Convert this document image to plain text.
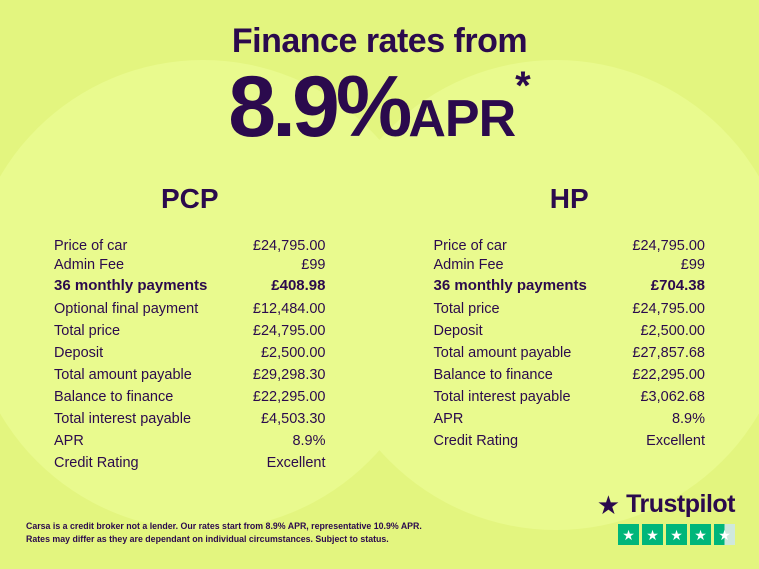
Finance rates from
8.9%APR*
PCP
Price of car	£24,795.00
Admin Fee	£99
36 monthly payments	£408.98
Optional final payment	£12,484.00
Total price	£24,795.00
Deposit	£2,500.00
Total amount payable	£29,298.30
Balance to finance	£22,295.00
Total interest payable	£4,503.30
APR	8.9%
Credit Rating	Excellent
HP
Price of car	£24,795.00
Admin Fee	£99
36 monthly payments	£704.38
Total price	£24,795.00
Deposit	£2,500.00
Total amount payable	£27,857.68
Balance to finance	£22,295.00
Total interest payable	£3,062.68
APR	8.9%
Credit Rating	Excellent
Carsa is a credit broker not a lender. Our rates start from 8.9% APR, representative 10.9% APR.
Rates may differ as they are dependant on individual circumstances. Subject to status.
★ Trustpilot
★ ★ ★ ★ ★
